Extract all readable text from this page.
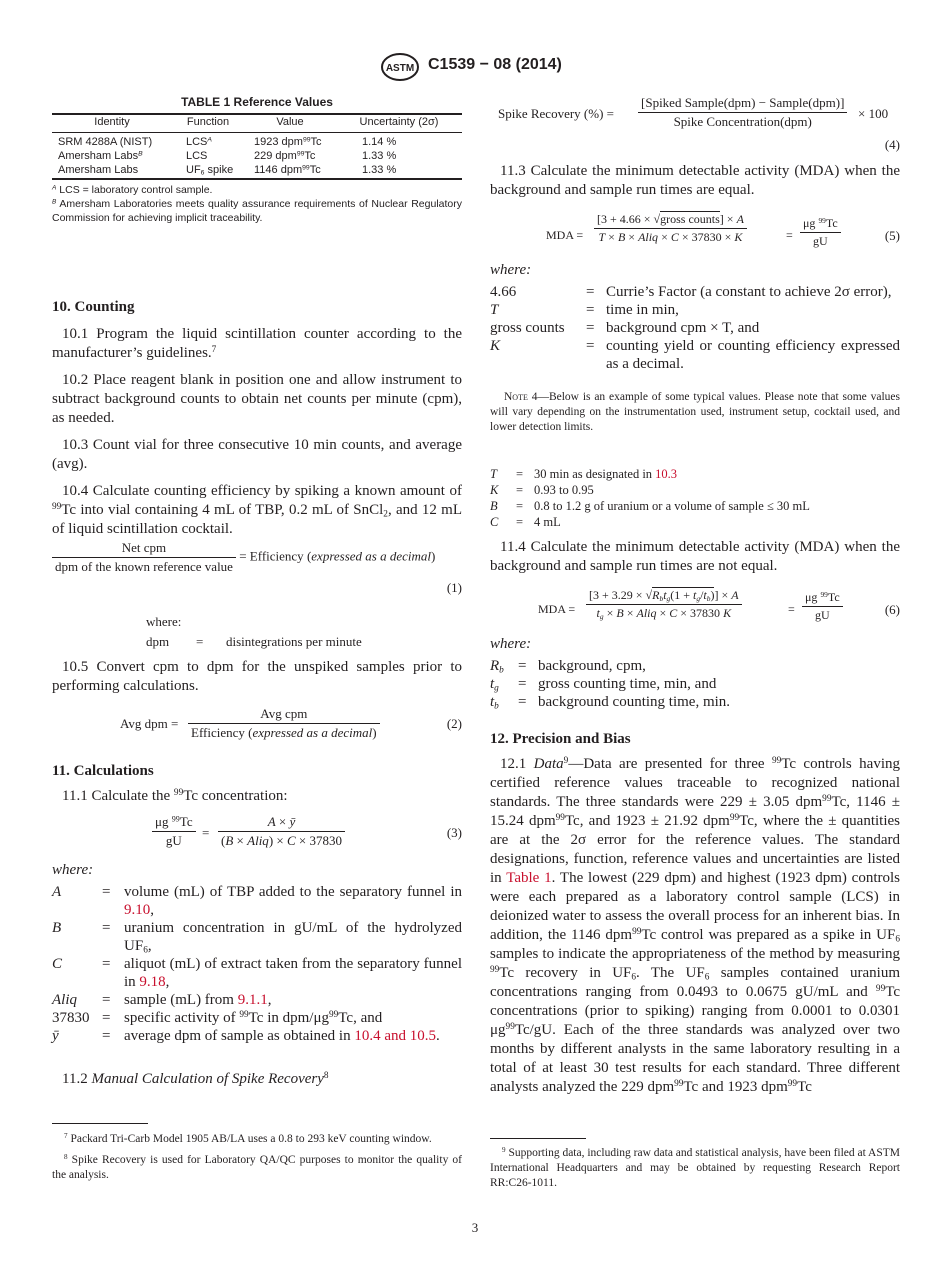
ASTM C1539 − 08 (2014)
TABLE 1 Reference Values
Identity	Function	Value	Uncertainty (2σ)
SRM 4288A (NIST)	$LCS^A$	1923 dpm$^{99}$Tc	1.14 %
Amersham Labs$^B$	LCS	229 dpm$^{99}$Tc	1.33 %
Amersham Labs	$UF_6$ spike	1146 dpm$^{99}$Tc	1.33 %
$^A$ LCS = laboratory control sample.
$^B$ Amersham Laboratories meets quality assurance requirements of Nuclear Regulatory Commission for achieving implicit traceability.
10. Counting

10.1 Program the liquid scintillation counter according to the manufacturer’s guidelines.$^7$

10.2 Place reagent blank in position one and allow instrument to subtract background counts to obtain net counts per minute (cpm), as needed.

10.3 Count vial for three consecutive 10 min counts, and average (avg).

10.4 Calculate counting efficiency by spiking a known amount of $^{99}$Tc into vial containing 4 mL of TBP, 0.2 mL of SnCl$_2$, and 12 mL of liquid scintillation cocktail.

$\frac{\text{Net cpm}}{\text{dpm of the known reference value}}$ = Efficiency (expressed as a decimal)
(1)
where:
dpm	=	disintegrations per minute

10.5 Convert cpm to dpm for the unspiked samples prior to performing calculations.

Avg dpm =
Avg cpm
Efficiency (expressed as a decimal)
(2)
11. Calculations

11.1 Calculate the $^{99}$Tc concentration:

$\frac{\mu g ^{99}Tc}{gU}$ =
A × ȳ
(B × Aliq) × C × 37830
(3)
where:
A	= volume (mL) of TBP added to the separatory funnel in 9.10,
B	= uranium concentration in gU/mL of the hydrolyzed $UF_6$,
C	= aliquot (mL) of extract taken from the separatory funnel in 9.18,
Aliq	= sample (mL) from 9.1.1,
37830 = specific activity of $^{99}$Tc in dpm/$\mu g^{99}Tc$, and
ȳ	= average dpm of sample as obtained in 10.4 and 10.5.

11.2 Manual Calculation of Spike Recovery$^8$

$^7$ Packard Tri-Carb Model 1905 AB/LA uses a 0.8 to 293 keV counting window.
$^8$ Spike Recovery is used for Laboratory QA/QC purposes to monitor the quality of the analysis.
Spike Recovery (%) =
[Spiked Sample(dpm) − Sample(dpm)]
Spike Concentration(dpm)
× 100
(4)

11.3 Calculate the minimum detectable activity (MDA) when the background and sample run times are equal.

MDA =
[3 + 4.66 × √gross counts] × A
T × B × Aliq × C × 37830 × K	= $\frac{\mu g ^{99}Tc}{gU}$	(5)
where:
4.66	= Currie’s Factor (a constant to achieve 2σ error),
T	= time in min,
gross counts	= background cpm × T, and
K	= counting yield or counting efficiency expressed as a decimal.
Note 4—Below is an example of some typical values. Please note that some values will vary depending on the instrumentation used, instrument setup, cocktail used, and lower detection limits.
T	= 30 min as designated in 10.3
K	= 0.93 to 0.95
B	= 0.8 to 1.2 g of uranium or a volume of sample ≤ 30 mL
C	= 4 mL

11.4 Calculate the minimum detectable activity (MDA) when the background and sample run times are not equal.

MDA =
$[3 + 3.29 \times √R_bt_g(1 + t_g/t_b)] \times A$
$t_g \times B$ × Aliq × C × 37830 K	= $\frac{\mu g ^{99}Tc}{gU}$	(6)
where:
$R_b$ = background, cpm,
$t_g$	= gross counting time, min, and
$t_b$	= background counting time, min.
12. Precision and Bias

12.1 Data$^9$—Data are presented for three $^{99}$Tc controls having certified reference values traceable to recognized national standards. The three standards were 229 ± 3.05 dpm$^{99}$Tc, 1146 ± 15.24 dpm$^{99}$Tc, and 1923 ± 21.92 dpm$^{99}$Tc, where the ± quantities are at the 2σ error for the reference values. The standard designations, function, reference values and uncertainties are listed in Table 1. The lowest (229 dpm) and highest (1923 dpm) controls were each prepared as a laboratory control sample (LCS) in deionized water to assess the overall process for an inherent bias. In addition, the 1146 dpm$^{99}$Tc control was prepared as a spike in $UF_6$ samples to indicate the appropriateness of the method by measuring $^{99}$Tc recovery in $UF_6$. The $UF_6$ samples contained uranium concentrations ranging from 0.0493 to 0.0675 gU/mL and $^{99}$Tc concentrations (prior to spiking) ranging from 0.0001 to 0.0301 $\mu g^{99}Tc/gU$. Each of the three standards was analyzed over two months by different analysts in the same laboratory resulting in a total of at least 30 test results for each standard. Three different analysts analyzed the 229 dpm$^{99}$Tc and 1923 dpm$^{99}$Tc

$^9$ Supporting data, including raw data and statistical analysis, have been filed at ASTM International Headquarters and may be obtained by requesting Research Report RR:C26-1011.
3
